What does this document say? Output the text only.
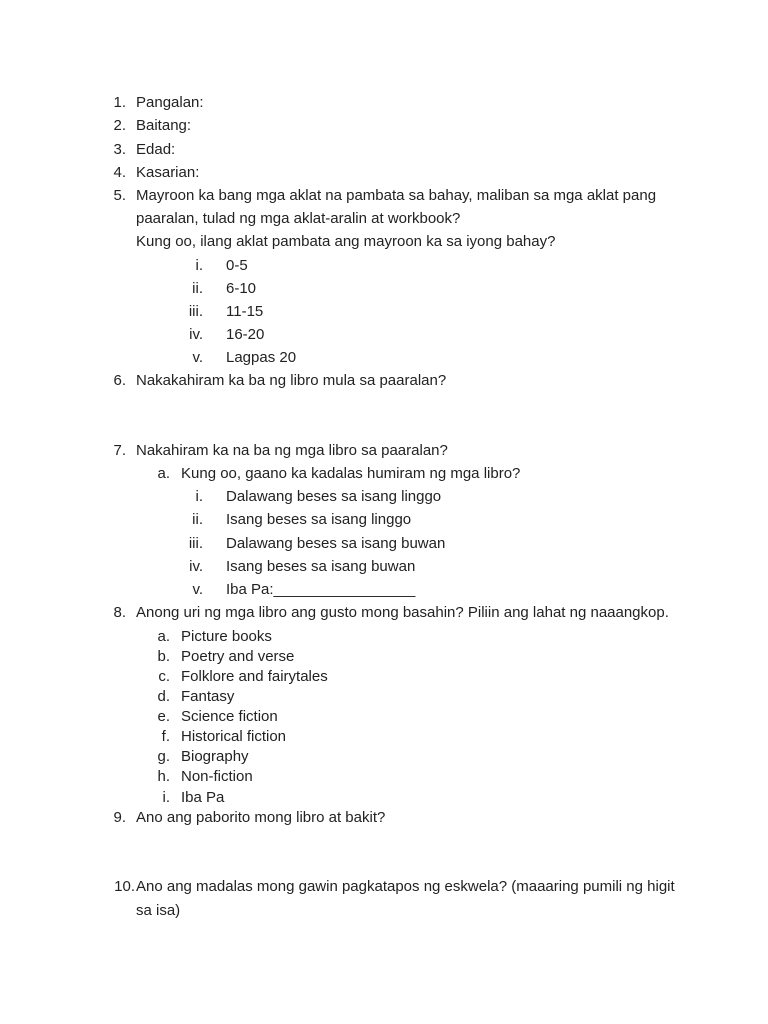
1. Pangalan:
2. Baitang:
3. Edad:
4. Kasarian:
5. Mayroon ka bang mga aklat na pambata sa bahay, maliban sa mga aklat pang
paaralan, tulad ng mga aklat-aralin at workbook?
Kung oo, ilang aklat pambata ang mayroon ka sa iyong bahay?
i. 0-5
ii. 6-10
iii. 11-15
iv. 16-20
v. Lagpas 20
6. Nakakahiram ka ba ng libro mula sa paaralan?
7. Nakahiram ka na ba ng mga libro sa paaralan?
a. Kung oo, gaano ka kadalas humiram ng mga libro?
i. Dalawang beses sa isang linggo
ii. Isang beses sa isang linggo
iii. Dalawang beses sa isang buwan
iv. Isang beses sa isang buwan
v. Iba Pa:_________________
8. Anong uri ng mga libro ang gusto mong basahin? Piliin ang lahat ng naaangkop.
a. Picture books
b. Poetry and verse
c. Folklore and fairytales
d. Fantasy
e. Science fiction
f. Historical fiction
g. Biography
h. Non-fiction
i. Iba Pa
9. Ano ang paborito mong libro at bakit?
10. Ano ang madalas mong gawin pagkatapos ng eskwela? (maaaring pumili ng higit
sa isa)
